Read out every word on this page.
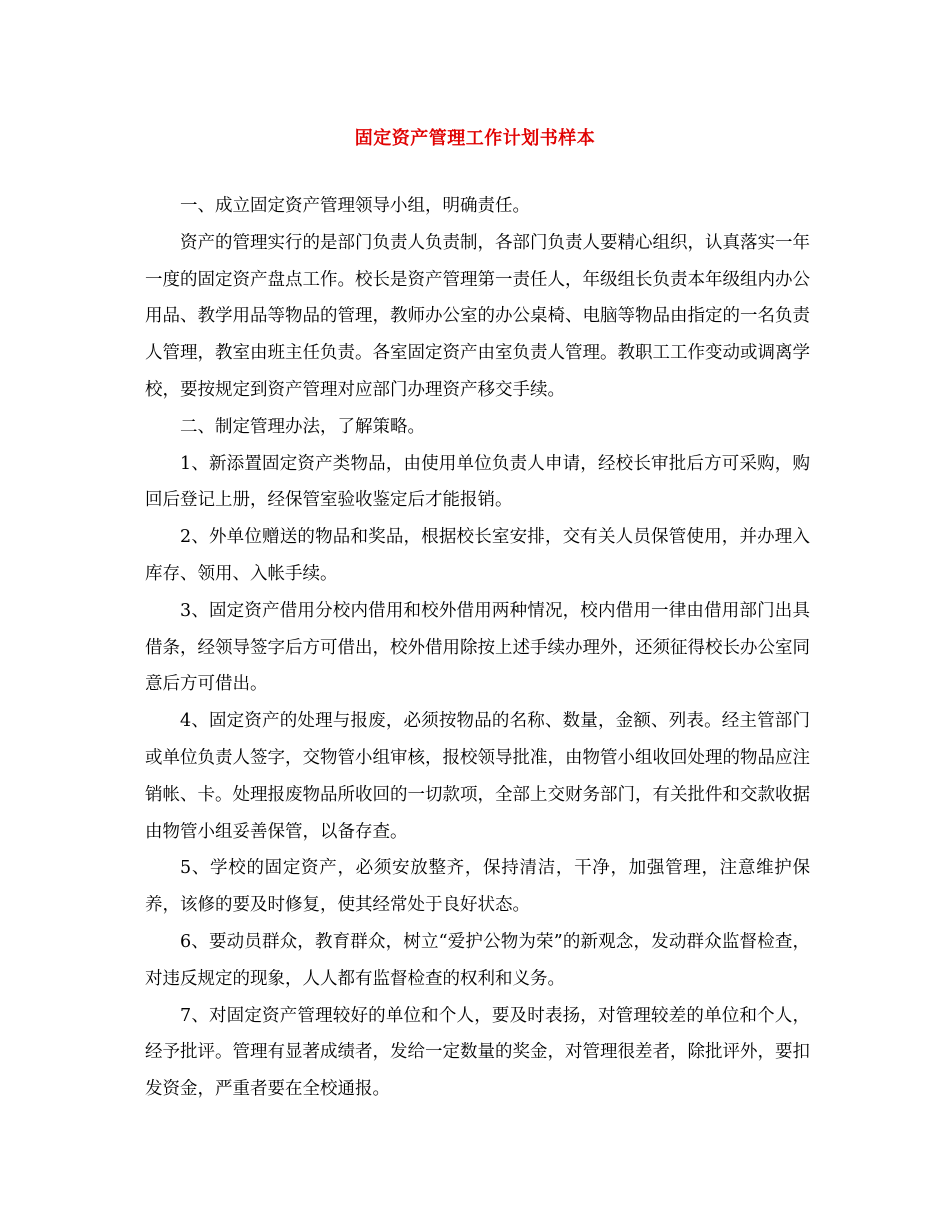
固定资产管理工作计划书样本

一、成立固定资产管理领导小组，明确责任。

资产的管理实行的是部门负责人负责制，各部门负责人要精心组织，认真落实一年一度的固定资产盘点工作。校长是资产管理第一责任人，年级组长负责本年级组内办公用品、教学用品等物品的管理，教师办公室的办公桌椅、电脑等物品由指定的一名负责人管理，教室由班主任负责。各室固定资产由室负责人管理。教职工工作变动或调离学校，要按规定到资产管理对应部门办理资产移交手续。

二、制定管理办法，了解策略。

1、新添置固定资产类物品，由使用单位负责人申请，经校长审批后方可采购，购回后登记上册，经保管室验收鉴定后才能报销。

2、外单位赠送的物品和奖品，根据校长室安排，交有关人员保管使用，并办理入库存、领用、入帐手续。

3、固定资产借用分校内借用和校外借用两种情况，校内借用一律由借用部门出具借条，经领导签字后方可借出，校外借用除按上述手续办理外，还须征得校长办公室同意后方可借出。

4、固定资产的处理与报废，必须按物品的名称、数量，金额、列表。经主管部门或单位负责人签字，交物管小组审核，报校领导批准，由物管小组收回处理的物品应注销帐、卡。处理报废物品所收回的一切款项，全部上交财务部门，有关批件和交款收据由物管小组妥善保管，以备存查。

5、学校的固定资产，必须安放整齐，保持清洁，干净，加强管理，注意维护保养，该修的要及时修复，使其经常处于良好状态。

6、要动员群众，教育群众，树立“爱护公物为荣”的新观念，发动群众监督检查，对违反规定的现象，人人都有监督检查的权利和义务。

7、对固定资产管理较好的单位和个人，要及时表扬，对管理较差的单位和个人，经予批评。管理有显著成绩者，发给一定数量的奖金，对管理很差者，除批评外，要扣发资金，严重者要在全校通报。
